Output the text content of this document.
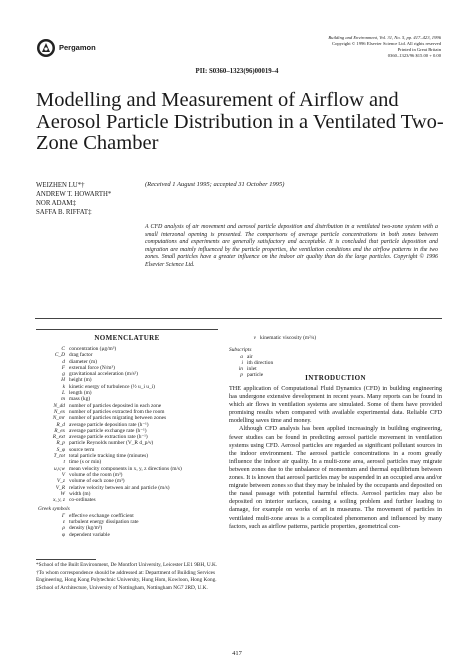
Pergamon
Building and Environment, Vol. 31, No. 5, pp. 417–423, 1996
Copyright © 1996 Elsevier Science Ltd. All rights reserved
Printed in Great Britain
0360–1323/96 $15.00 + 0.00
PII: S0360–1323(96)00019–4
Modelling and Measurement of Airflow and Aerosol Particle Distribution in a Ventilated Two-Zone Chamber
WEIZHEN LU*†
ANDREW T. HOWARTH*
NOR ADAM‡
SAFFA B. RIFFAT‡
(Received 1 August 1995; accepted 31 October 1995)
A CFD analysis of air movement and aerosol particle deposition and distribution in a ventilated two-zone system with a small interzonal opening is presented. The comparisons of average particle concentrations in both zones between computations and experiments are generally satisfactory and acceptable. It is concluded that particle deposition and migration are mainly influenced by the particle properties, the ventilation conditions and the airflow patterns in the two zones. Small particles have a greater influence on the indoor air quality than do the large particles. Copyright © 1996 Elsevier Science Ltd.
NOMENCLATURE
C concentration (μg/m³)
C_D drag factor
d diameter (m)
F external force (N/m³)
g gravitational acceleration (m/s²)
H height (m)
k kinetic energy of turbulence (½ u_i u_i)
L length (m)
m mass (kg)
N_dd number of particles deposited in each zone
N_ex number of particles extracted from the room
N_mr number of particles migrating between zones
R_d average particle deposition rate (h⁻¹)
R_ex average particle exchange rate (h⁻¹)
R_ext average particle extraction rate (h⁻¹)
R_p particle Reynolds number (V_R d_p/ν)
S_φ source term
T_tot total particle tracking time (minutes)
t time (s or min)
u,v,w mean velocity components in x, y, z directions (m/s)
V volume of the room (m³)
V_z volume of each zone (m³)
V_R relative velocity between air and particle (m/s)
W width (m)
x, y, z co-ordinates
Greek symbols
Γ effective exchange coefficient
ε turbulent energy dissipation rate
ρ density (kg/m³)
φ dependent variable
ν kinematic viscosity (m²/s)
Subscripts
a air
i ith direction
in inlet
p particle	INTRODUCTION

THE application of Computational Fluid Dynamics (CFD) in building engineering has undergone extensive development in recent years. Many reports can be found in which air flows in ventilation systems are simulated. Some of them have provided promising results when compared with available experimental data. Reliable CFD modelling saves time and money.

Although CFD analysis has been applied increasingly in building engineering, fewer studies can be found in predicting aerosol particle movement in ventilation systems using CFD. Aerosol particles are regarded as significant pollutant sources in the indoor environment. The aerosol particle concentrations in a room greatly influence the indoor air quality. In a multi-zone area, aerosol particles may migrate between zones due to the unbalance of momentum and thermal equilibrium between zones. It is known that aerosol particles may be suspended in an occupied area and/or migrate between zones so that they may be inhaled by the occupants and deposited on the nasal passage with potential harmful effects. Aerosol particles may also be deposited on interior surfaces, causing a soiling problem and further leading to damage, for example on works of art in museums. The movement of particles in ventilated multi-zone areas is a complicated phenomenon and influenced by many factors, such as airflow patterns, particle properties, geometrical con-

*School of the Built Environment, De Montfort University, Leicester LE1 9BH, U.K.

†To whom correspondence should be addressed at: Department of Building Services Engineering, Hong Kong Polytechnic University, Hung Hom, Kowloon, Hong Kong.

‡School of Architecture, University of Nottingham, Nottingham NG7 2RD, U.K.

417
